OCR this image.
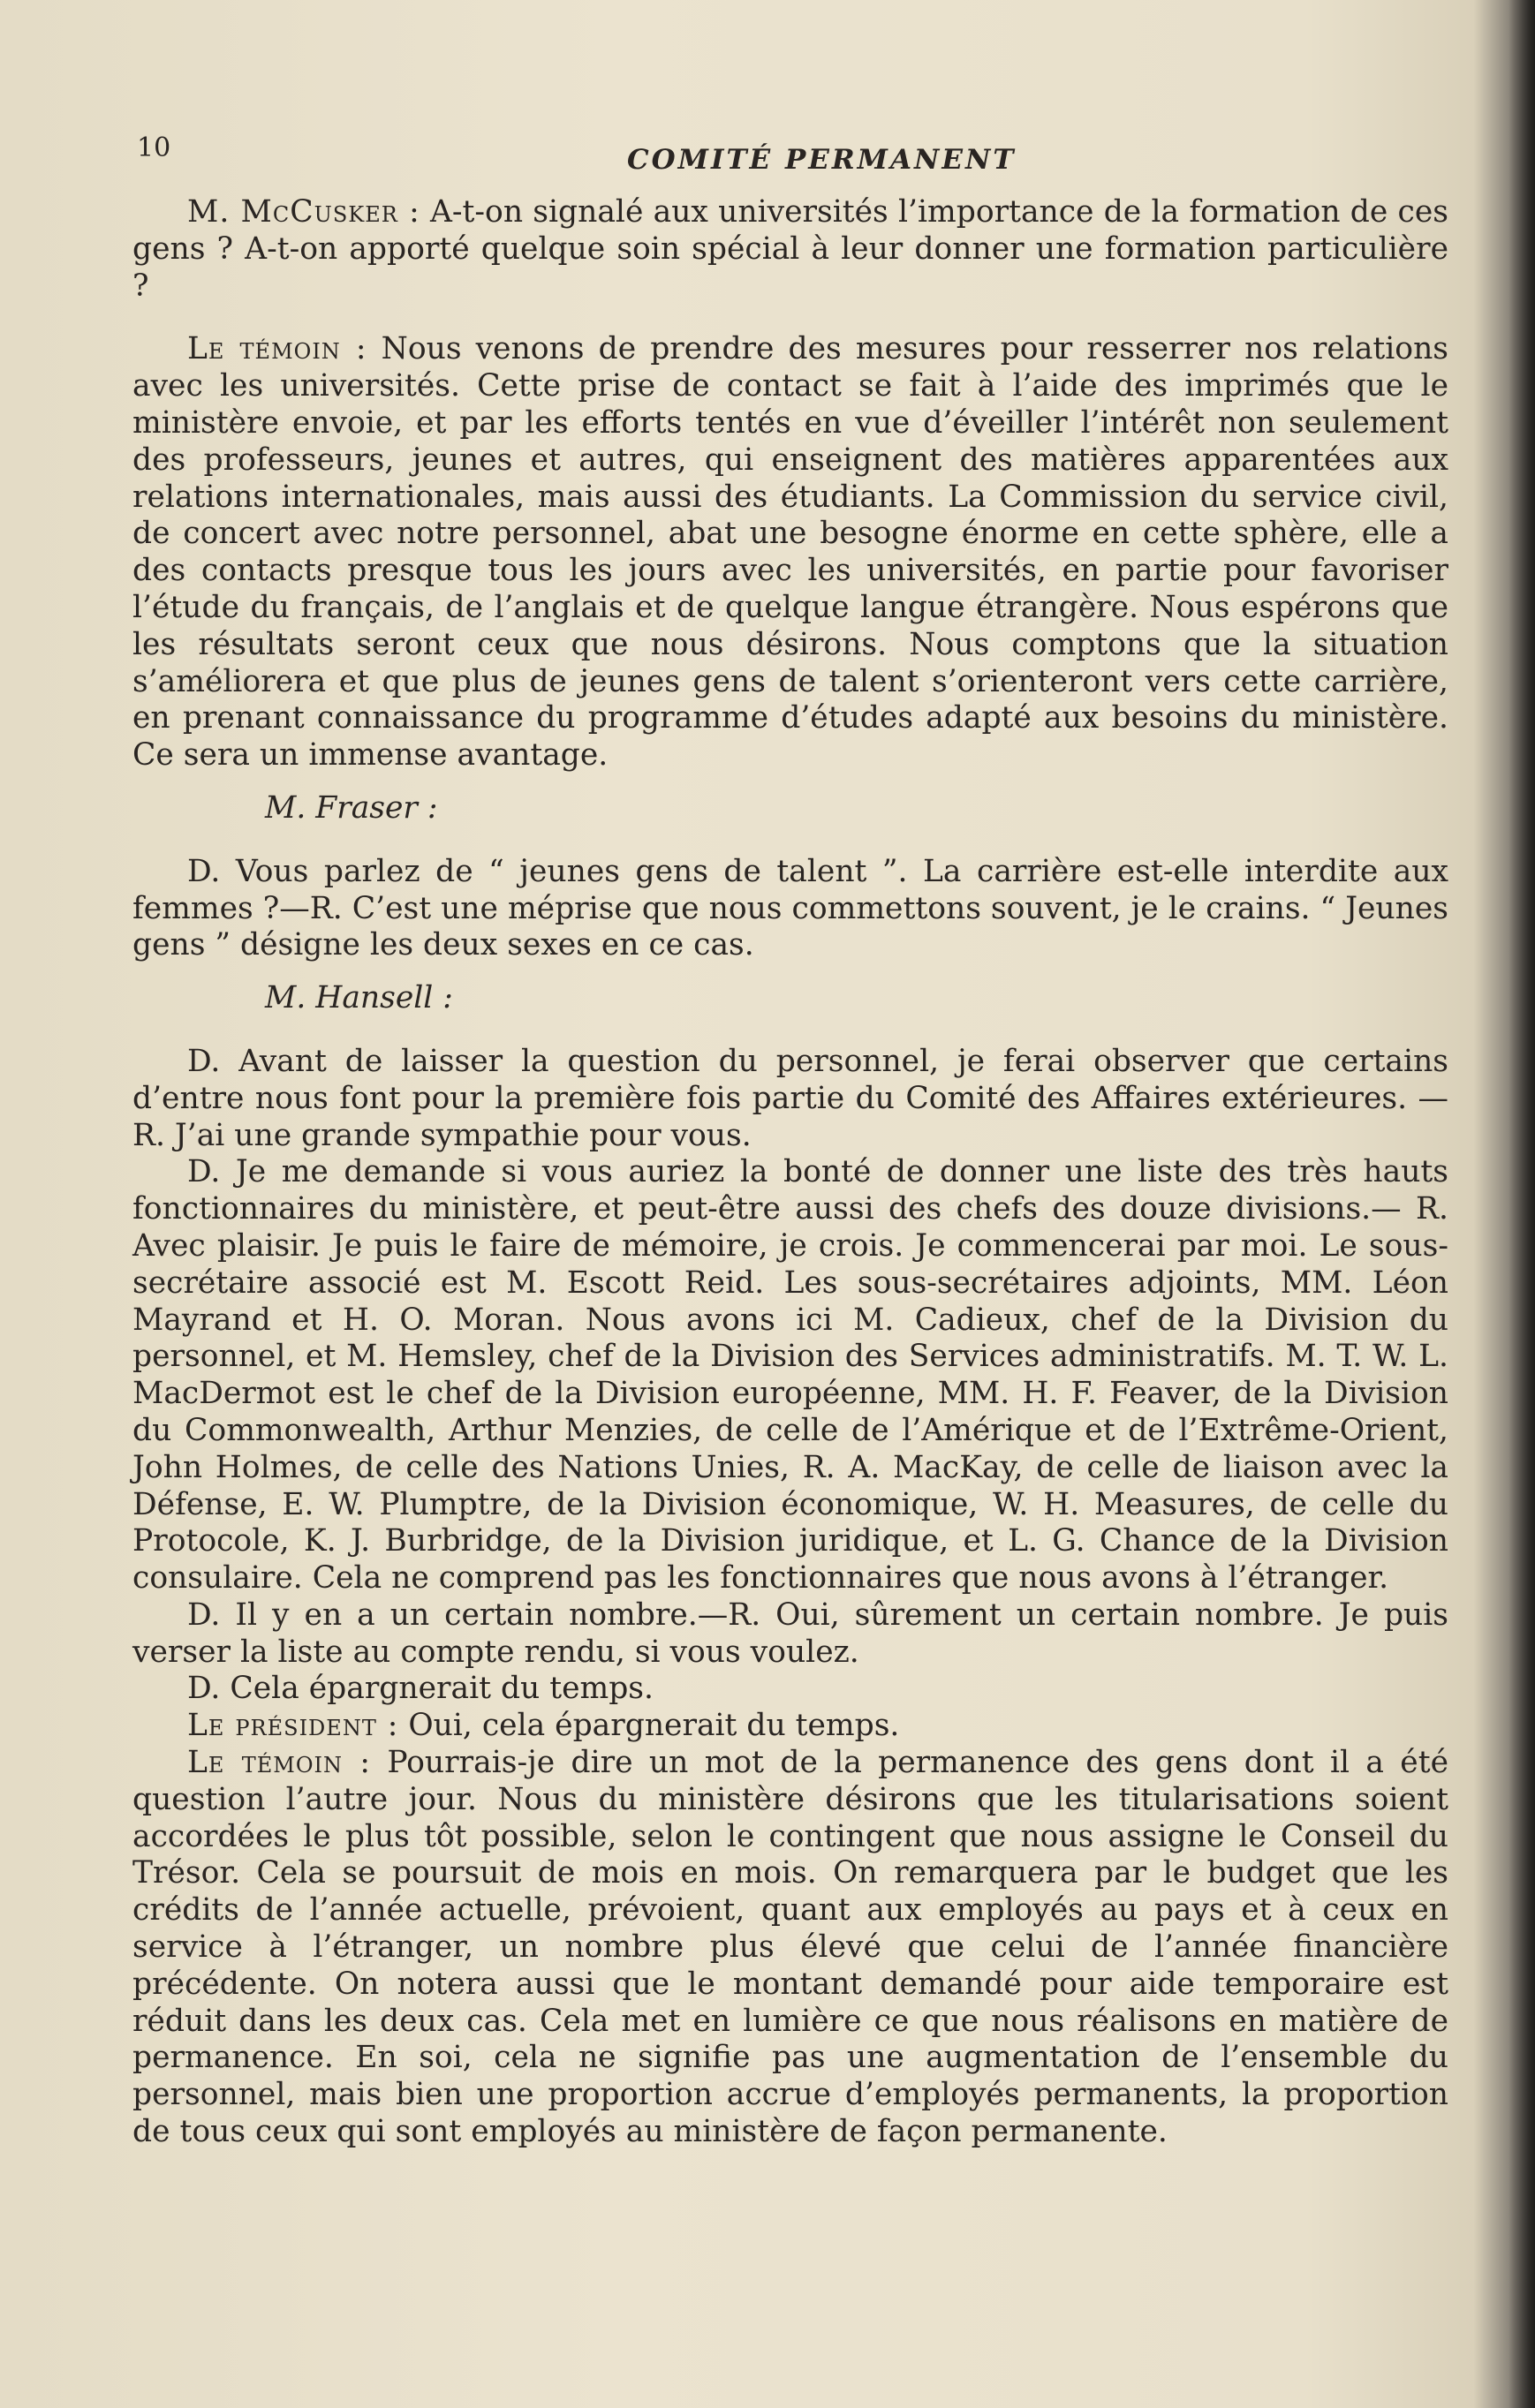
10	COMITÉ PERMANENT

M. McCusker : A-t-on signalé aux universités l’importance de la formation de ces gens ? A-t-on apporté quelque soin spécial à leur donner une formation particulière ?

Le témoin : Nous venons de prendre des mesures pour resserrer nos relations avec les universités. Cette prise de contact se fait à l’aide des imprimés que le ministère envoie, et par les efforts tentés en vue d’éveiller l’intérêt non seulement des professeurs, jeunes et autres, qui enseignent des matières apparentées aux relations internationales, mais aussi des étudiants. La Commission du service civil, de concert avec notre personnel, abat une besogne énorme en cette sphère, elle a des contacts presque tous les jours avec les universités, en partie pour favoriser l’étude du français, de l’anglais et de quelque langue étrangère. Nous espérons que les résultats seront ceux que nous désirons. Nous comptons que la situation s’améliorera et que plus de jeunes gens de talent s’orienteront vers cette carrière, en prenant connaissance du programme d’études adapté aux besoins du ministère. Ce sera un immense avantage.

M. Fraser :

D. Vous parlez de “ jeunes gens de talent ”. La carrière est-elle interdite aux femmes ?—R. C’est une méprise que nous commettons souvent, je le crains. “ Jeunes gens ” désigne les deux sexes en ce cas.

M. Hansell :

D. Avant de laisser la question du personnel, je ferai observer que certains d’entre nous font pour la première fois partie du Comité des Affaires extérieures. —R. J’ai une grande sympathie pour vous.

D. Je me demande si vous auriez la bonté de donner une liste des très hauts fonctionnaires du ministère, et peut-être aussi des chefs des douze divisions.— R. Avec plaisir. Je puis le faire de mémoire, je crois. Je commencerai par moi. Le sous-secrétaire associé est M. Escott Reid. Les sous-secrétaires adjoints, MM. Léon Mayrand et H. O. Moran. Nous avons ici M. Cadieux, chef de la Division du personnel, et M. Hemsley, chef de la Division des Services administratifs. M. T. W. L. MacDermot est le chef de la Division européenne, MM. H. F. Feaver, de la Division du Commonwealth, Arthur Menzies, de celle de l’Amérique et de l’Extrême-Orient, John Holmes, de celle des Nations Unies, R. A. MacKay, de celle de liaison avec la Défense, E. W. Plumptre, de la Division économique, W. H. Measures, de celle du Protocole, K. J. Burbridge, de la Division juridique, et L. G. Chance de la Division consulaire. Cela ne comprend pas les fonctionnaires que nous avons à l’étranger.

D. Il y en a un certain nombre.—R. Oui, sûrement un certain nombre. Je puis verser la liste au compte rendu, si vous voulez.

D. Cela épargnerait du temps.

Le président : Oui, cela épargnerait du temps.

Le témoin : Pourrais-je dire un mot de la permanence des gens dont il a été question l’autre jour. Nous du ministère désirons que les titularisations soient accordées le plus tôt possible, selon le contingent que nous assigne le Conseil du Trésor. Cela se poursuit de mois en mois. On remarquera par le budget que les crédits de l’année actuelle, prévoient, quant aux employés au pays et à ceux en service à l’étranger, un nombre plus élevé que celui de l’année financière précédente. On notera aussi que le montant demandé pour aide temporaire est réduit dans les deux cas. Cela met en lumière ce que nous réalisons en matière de permanence. En soi, cela ne signifie pas une augmentation de l’ensemble du personnel, mais bien une proportion accrue d’employés permanents, la proportion de tous ceux qui sont employés au ministère de façon permanente.
